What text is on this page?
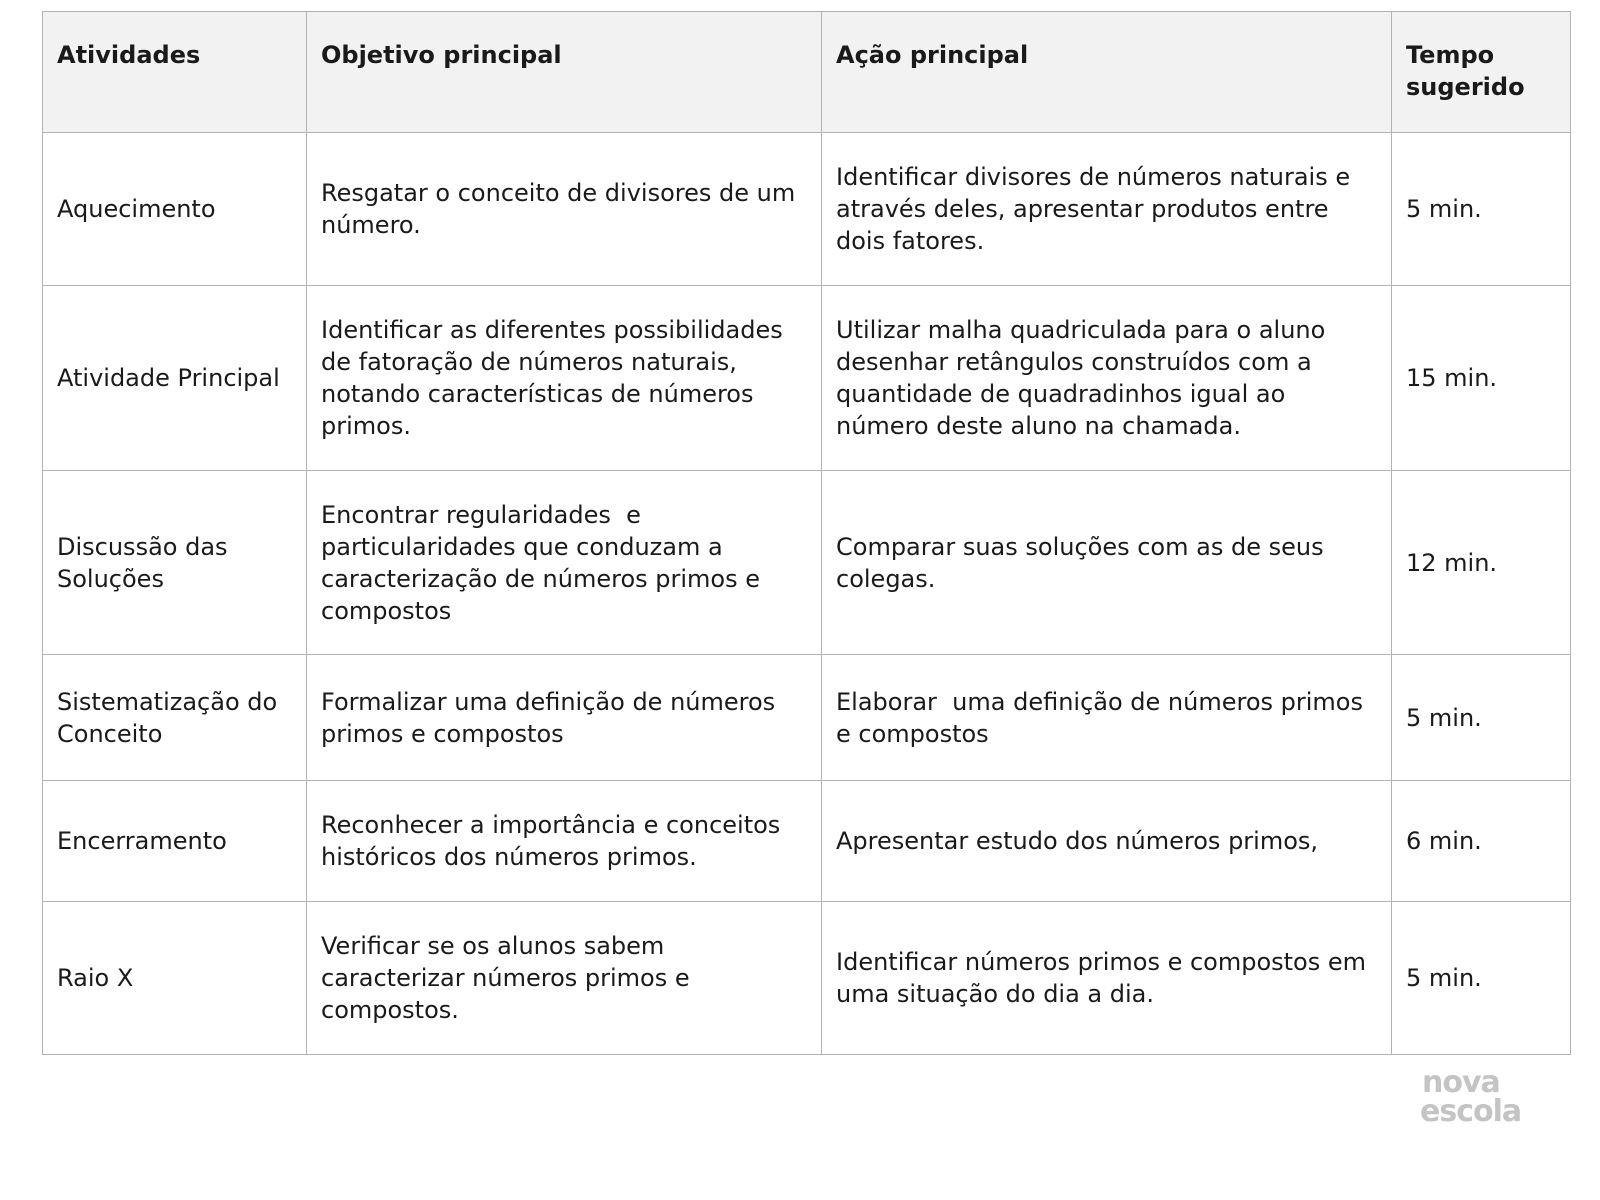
Atividades	Objetivo principal	Ação principal	Tempo
sugerido

Aquecimento	Resgatar o conceito de divisores de um número.	Identificar divisores de números naturais e através deles, apresentar produtos entre dois fatores.	5 min.

Atividade Principal	Identificar as diferentes possibilidades de fatoração de números naturais, notando características de números primos.	Utilizar malha quadriculada para o aluno desenhar retângulos construídos com a quantidade de quadradinhos igual ao número deste aluno na chamada.	15 min.

Discussão das Soluções	Encontrar regularidades  e particularidades que conduzam a caracterização de números primos e compostos	Comparar suas soluções com as de seus colegas.	12 min.

Sistematização do Conceito	Formalizar uma definição de números primos e compostos	Elaborar  uma definição de números primos e compostos	5 min.

Encerramento	Reconhecer a importância e conceitos históricos dos números primos.	Apresentar estudo dos números primos,	6 min.

Raio X	Verificar se os alunos sabem caracterizar números primos e compostos.	Identificar números primos e compostos em uma situação do dia a dia.	5 min.
nova
escola
